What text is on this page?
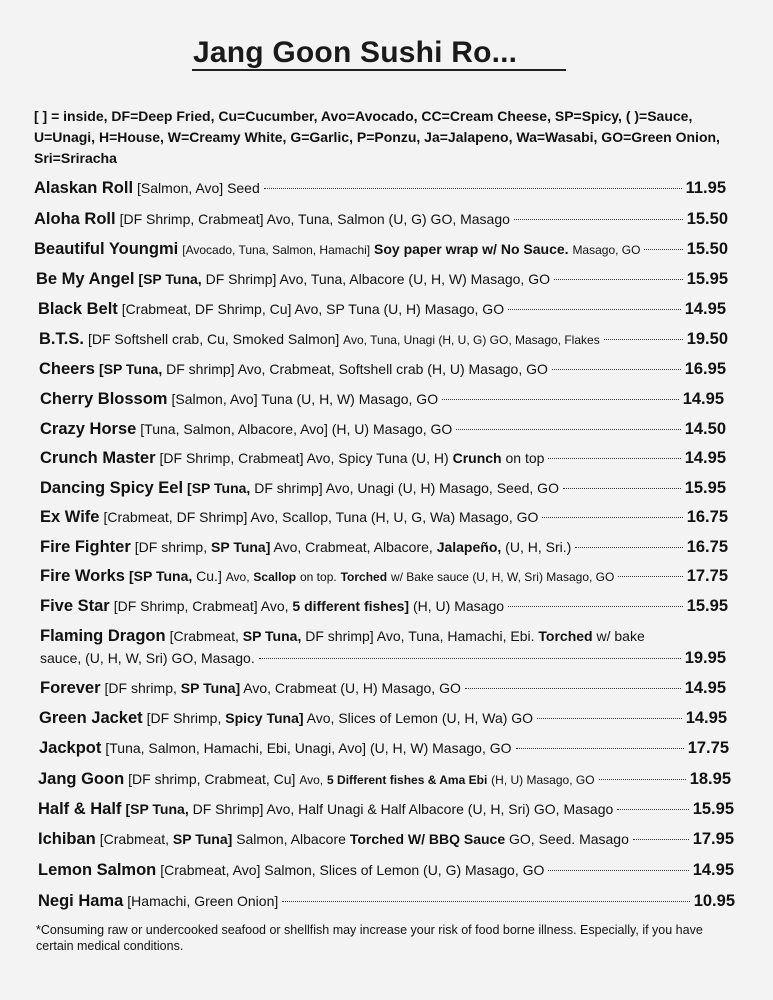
Jang Goon Sushi Ro...
[ ] = inside, DF=Deep Fried, Cu=Cucumber, Avo=Avocado, CC=Cream Cheese, SP=Spicy, ( )=Sauce, U=Unagi, H=House, W=Creamy White, G=Garlic, P=Ponzu, Ja=Jalapeno, Wa=Wasabi, GO=Green Onion, Sri=Sriracha
Alaskan Roll [Salmon, Avo] Seed	11.95
Aloha Roll [DF Shrimp, Crabmeat] Avo, Tuna, Salmon (U, G) GO, Masago	15.50
Beautiful Youngmi [Avocado, Tuna, Salmon, Hamachi] Soy paper wrap w/ No Sauce. Masago, GO	15.50
Be My Angel [SP Tuna, DF Shrimp] Avo, Tuna, Albacore (U, H, W) Masago, GO	15.95
Black Belt [Crabmeat, DF Shrimp, Cu] Avo, SP Tuna (U, H) Masago, GO	14.95
B.T.S. [DF Softshell crab, Cu, Smoked Salmon] Avo, Tuna, Unagi (H, U, G) GO, Masago, Flakes	19.50
Cheers [SP Tuna, DF shrimp] Avo, Crabmeat, Softshell crab (H, U) Masago, GO	16.95
Cherry Blossom [Salmon, Avo] Tuna (U, H, W) Masago, GO	14.95
Crazy Horse [Tuna, Salmon, Albacore, Avo] (H, U) Masago, GO	14.50
Crunch Master [DF Shrimp, Crabmeat] Avo, Spicy Tuna (U, H) Crunch on top	14.95
Dancing Spicy Eel [SP Tuna, DF shrimp] Avo, Unagi (U, H) Masago, Seed, GO	15.95
Ex Wife [Crabmeat, DF Shrimp] Avo, Scallop, Tuna (H, U, G, Wa) Masago, GO	16.75
Fire Fighter [DF shrimp, SP Tuna] Avo, Crabmeat, Albacore, Jalapeño, (U, H, Sri.)	16.75
Fire Works [SP Tuna, Cu.] Avo, Scallop on top. Torched w/ Bake sauce (U, H, W, Sri) Masago, GO	17.75
Five Star [DF Shrimp, Crabmeat] Avo, 5 different fishes] (H, U) Masago	15.95
Flaming Dragon [Crabmeat, SP Tuna, DF shrimp] Avo, Tuna, Hamachi, Ebi. Torched w/ bake
sauce, (U, H, W, Sri) GO, Masago.	19.95
Forever [DF shrimp, SP Tuna] Avo, Crabmeat (U, H) Masago, GO	14.95
Green Jacket [DF Shrimp, Spicy Tuna] Avo, Slices of Lemon (U, H, Wa) GO	14.95
Jackpot [Tuna, Salmon, Hamachi, Ebi, Unagi, Avo] (U, H, W) Masago, GO	17.75
Jang Goon [DF shrimp, Crabmeat, Cu] Avo, 5 Different fishes & Ama Ebi (H, U) Masago, GO	18.95
Half & Half [SP Tuna, DF Shrimp] Avo, Half Unagi & Half Albacore (U, H, Sri) GO, Masago	15.95
Ichiban [Crabmeat, SP Tuna] Salmon, Albacore Torched W/ BBQ Sauce GO, Seed. Masago	17.95
Lemon Salmon [Crabmeat, Avo] Salmon, Slices of Lemon (U, G) Masago, GO	14.95
Negi Hama [Hamachi, Green Onion]	10.95
*Consuming raw or undercooked seafood or shellfish may increase your risk of food borne illness. Especially, if you have certain medical conditions.
